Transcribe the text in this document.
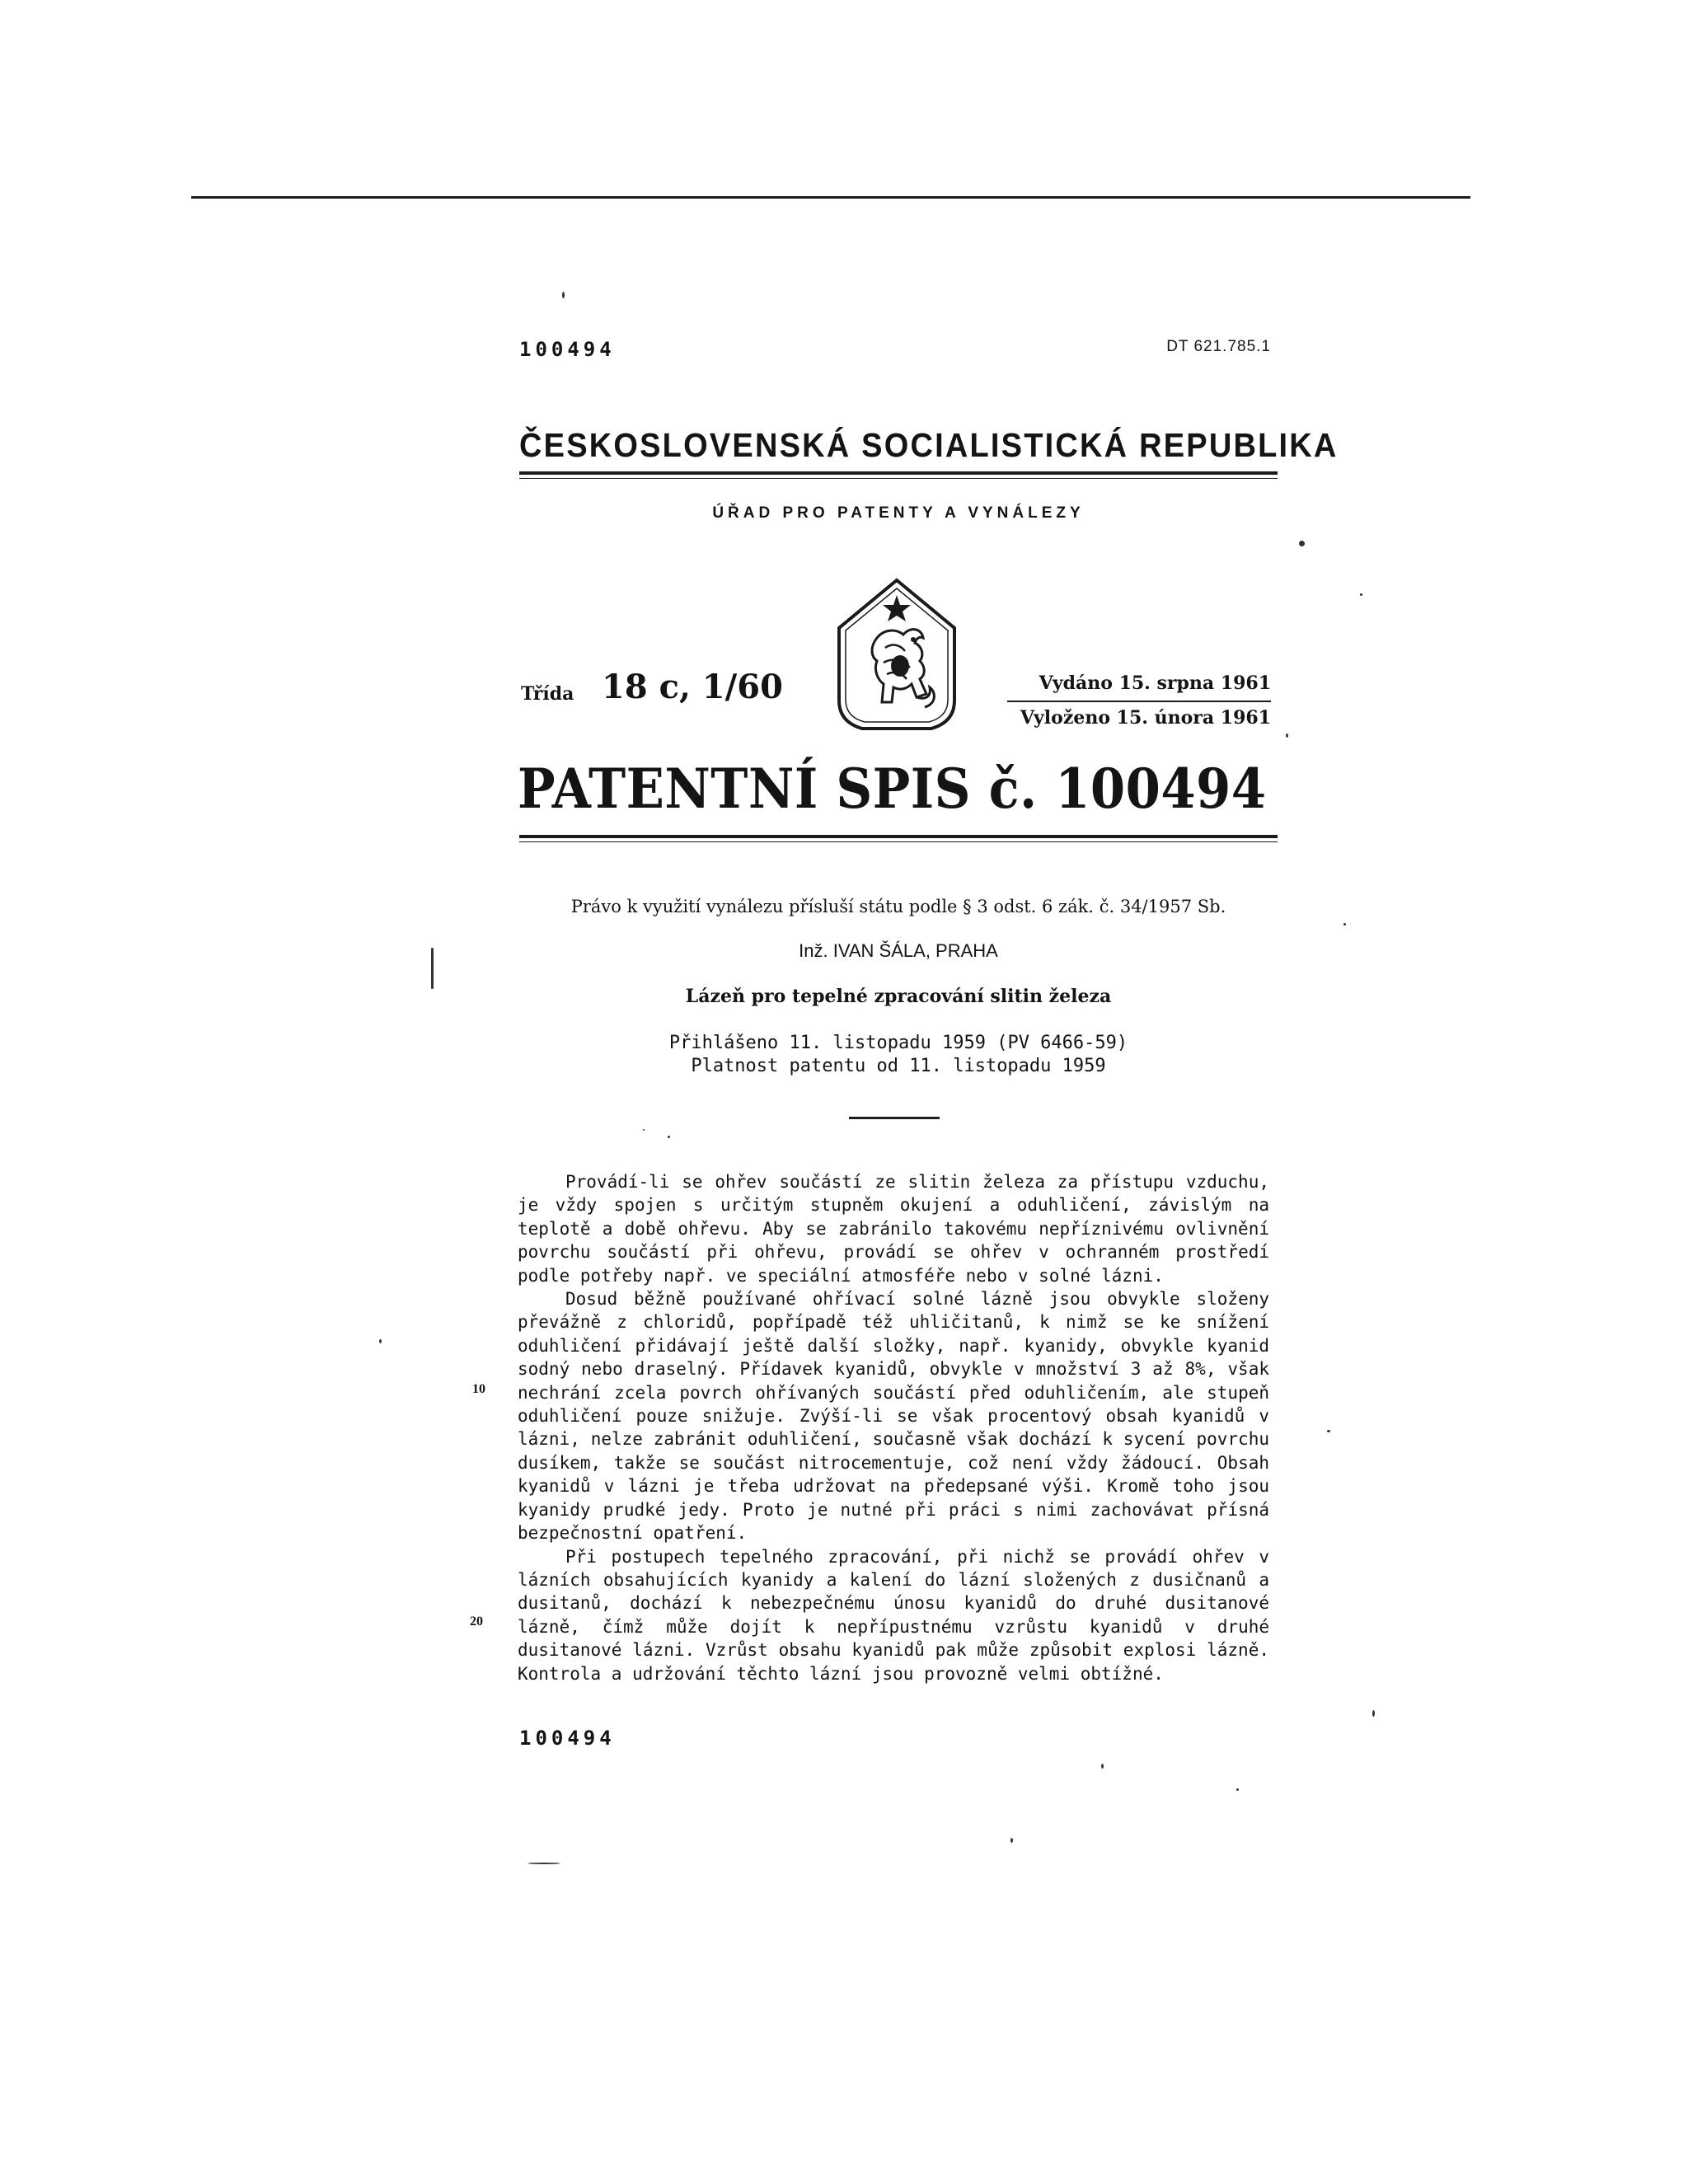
100494	DT 621.785.1
ČESKOSLOVENSKÁ SOCIALISTICKÁ REPUBLIKA
ÚŘAD PRO PATENTY A VYNÁLEZY
Třída 18 c, 1/60	Vydáno 15. srpna 1961
Vyloženo 15. února 1961
PATENTNÍ SPIS č. 100494
Právo k využití vynálezu přísluší státu podle § 3 odst. 6 zák. č. 34/1957 Sb.
Inž. IVAN ŠÁLA, PRAHA
Lázeň pro tepelné zpracování slitin železa
Přihlášeno 11. listopadu 1959 (PV 6466-59)
Platnost patentu od 11. listopadu 1959

Provádí-li se ohřev součástí ze slitin železa za přístupu vzduchu, je vždy spojen s určitým stupněm okujení a oduhličení, závislým na teplotě a době ohřevu. Aby se zabránilo takovému nepříznivému ovlivnění povrchu součástí při ohřevu, provádí se ohřev v ochranném prostředí podle potřeby např. ve speciální atmosféře nebo v solné lázni.

Dosud běžně používané ohřívací solné lázně jsou obvykle složeny převážně z chloridů, popřípadě též uhličitanů, k nimž se ke snížení oduhličení přidávají ještě další složky, např. kyanidy, obvykle kyanid sodný nebo draselný. Přídavek kyanidů, obvykle v množství 3 až 8%, však nechrání zcela povrch ohřívaných součástí před oduhličením, ale stupeň oduhličení pouze snižuje. Zvýší-li se však procentový obsah kyanidů v lázni, nelze zabránit oduhličení, současně však dochází k sycení povrchu dusíkem, takže se součást nitrocementuje, což není vždy žádoucí. Obsah kyanidů v lázni je třeba udržovat na předepsané výši. Kromě toho jsou kyanidy prudké jedy. Proto je nutné při práci s nimi zachovávat přísná bezpečnostní opatření.

Při postupech tepelného zpracování, při nichž se provádí ohřev v lázních obsahujících kyanidy a kalení do lázní složených z dusičnanů a dusitanů, dochází k nebezpečnému únosu kyanidů do druhé dusitanové lázně, čímž může dojít k nepřípustnému vzrůstu kyanidů v druhé dusitanové lázni. Vzrůst obsahu kyanidů pak může způsobit explosi lázně. Kontrola a udržování těchto lázní jsou provozně velmi obtížné.

10
20
100494
